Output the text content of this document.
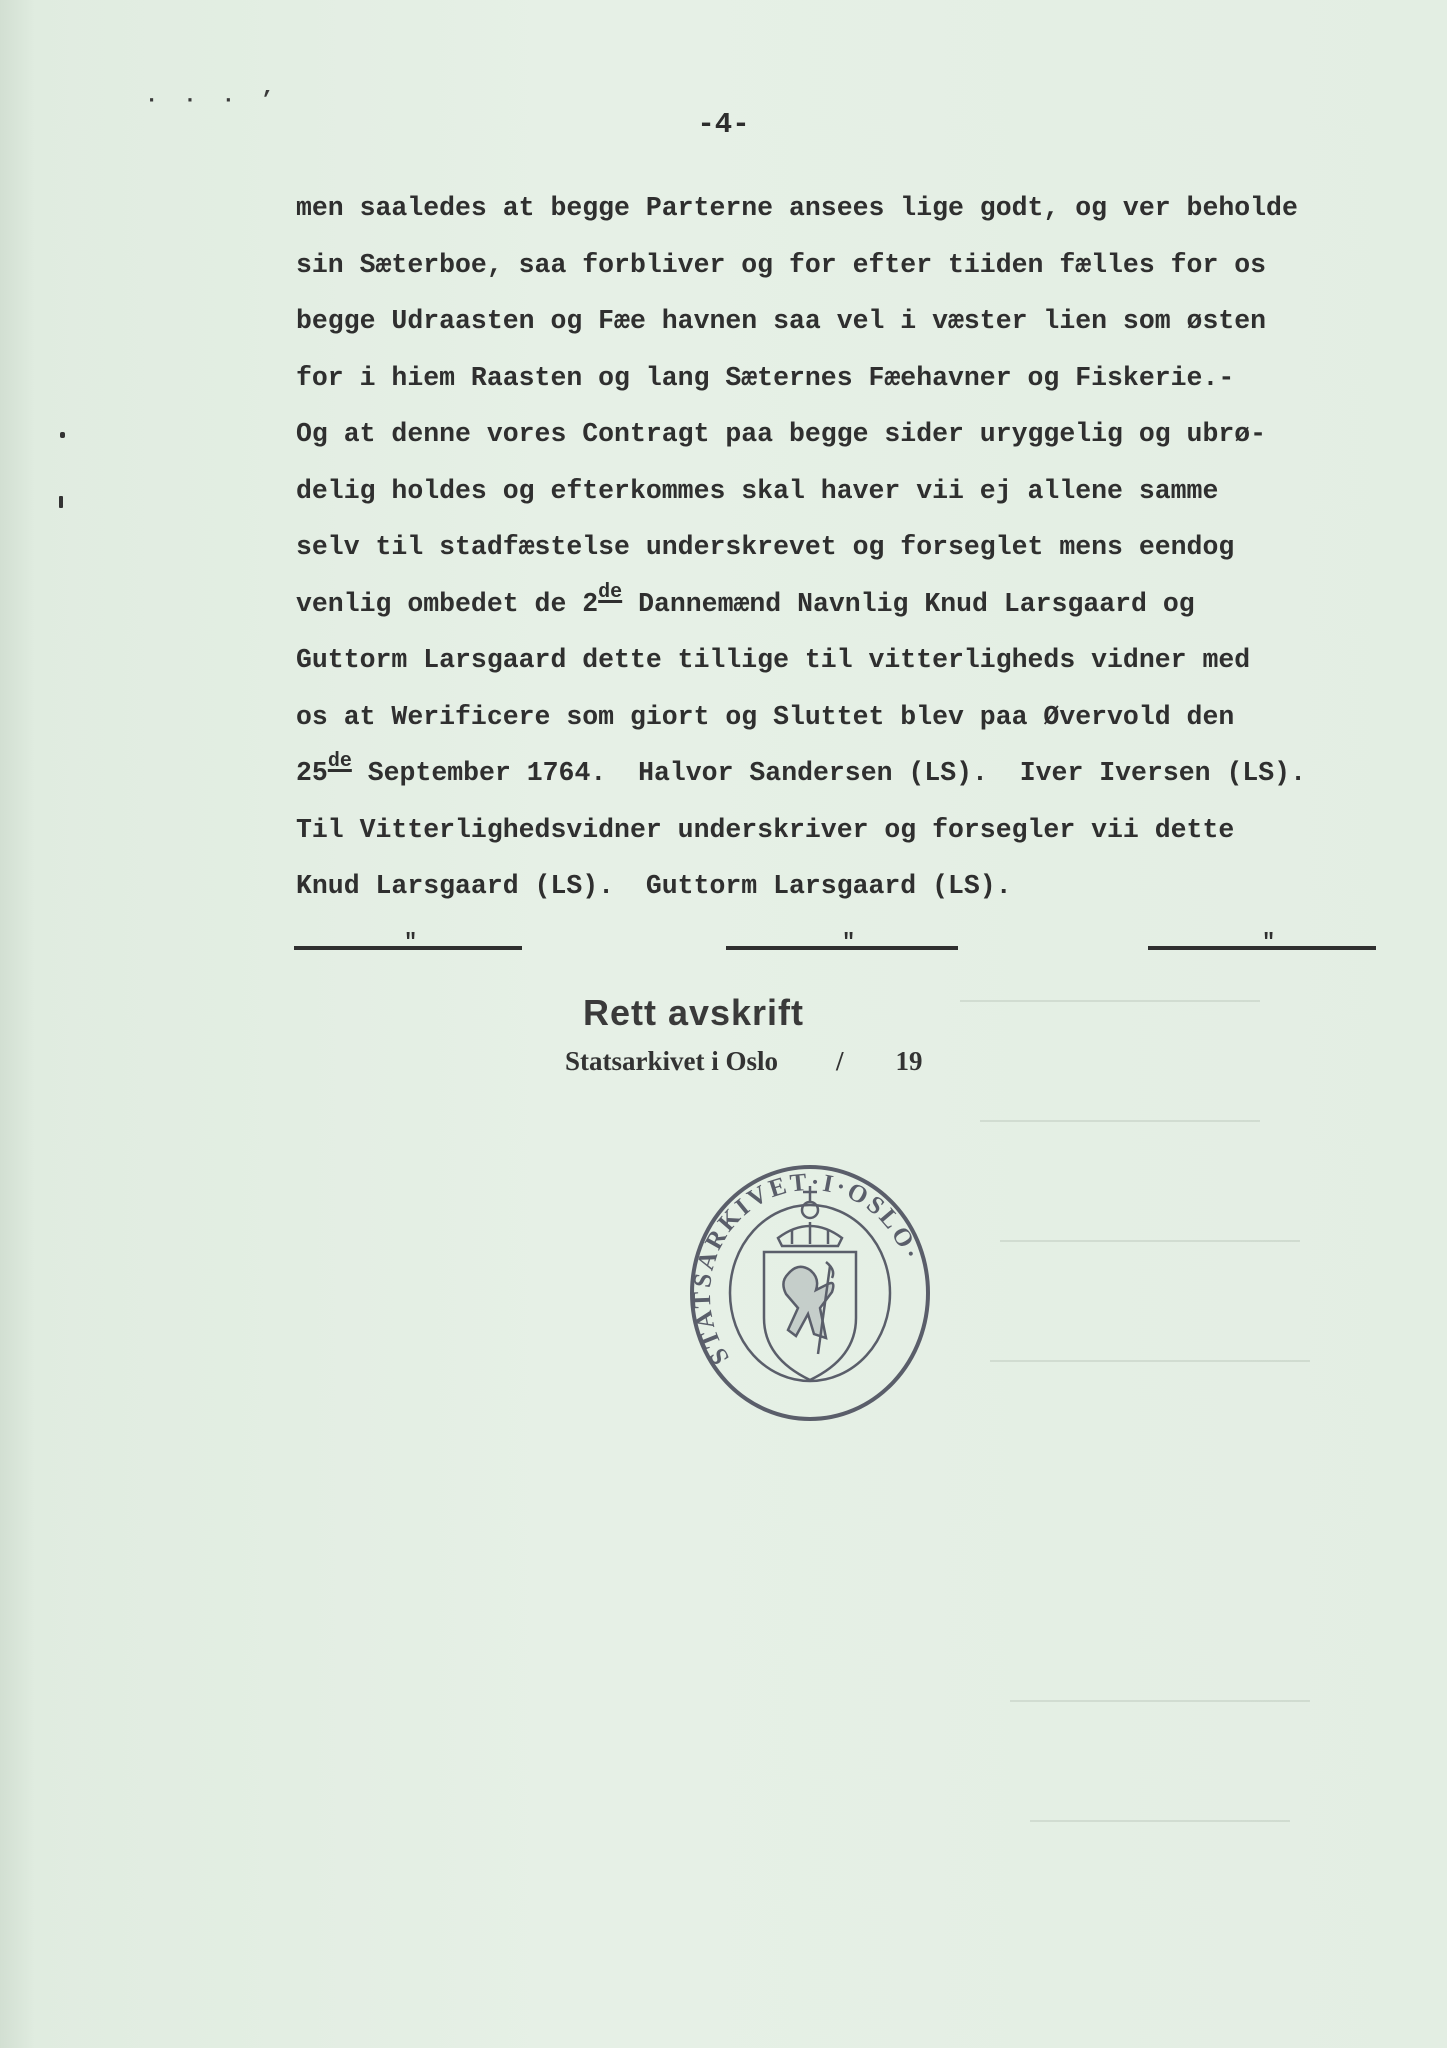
· · · ’
-4-
men saaledes at begge Parterne ansees lige godt, og ver beholde
sin Sæterboe, saa forbliver og for efter tiiden fælles for os
begge Udraasten og Fæe havnen saa vel i væster lien som østen
for i hiem Raasten og lang Sæternes Fæehavner og Fiskerie.-
Og at denne vores Contragt paa begge sider uryggelig og ubrø-
delig holdes og efterkommes skal haver vii ej allene samme
selv til stadfæstelse underskrevet og forseglet mens eendog
venlig ombedet de 2de Dannemænd Navnlig Knud Larsgaard og
Guttorm Larsgaard dette tillige til vitterligheds vidner med
os at Werificere som giort og Sluttet blev paa Øvervold den
25de September 1764.  Halvor Sandersen (LS).  Iver Iversen (LS).
Til Vitterlighedsvidner underskriver og forsegler vii dette
Knud Larsgaard (LS).  Guttorm Larsgaard (LS).
"	"	"
Rett avskrift
Statsarkivet i Oslo / 19
STATSARKIVET·I·OSLO·
